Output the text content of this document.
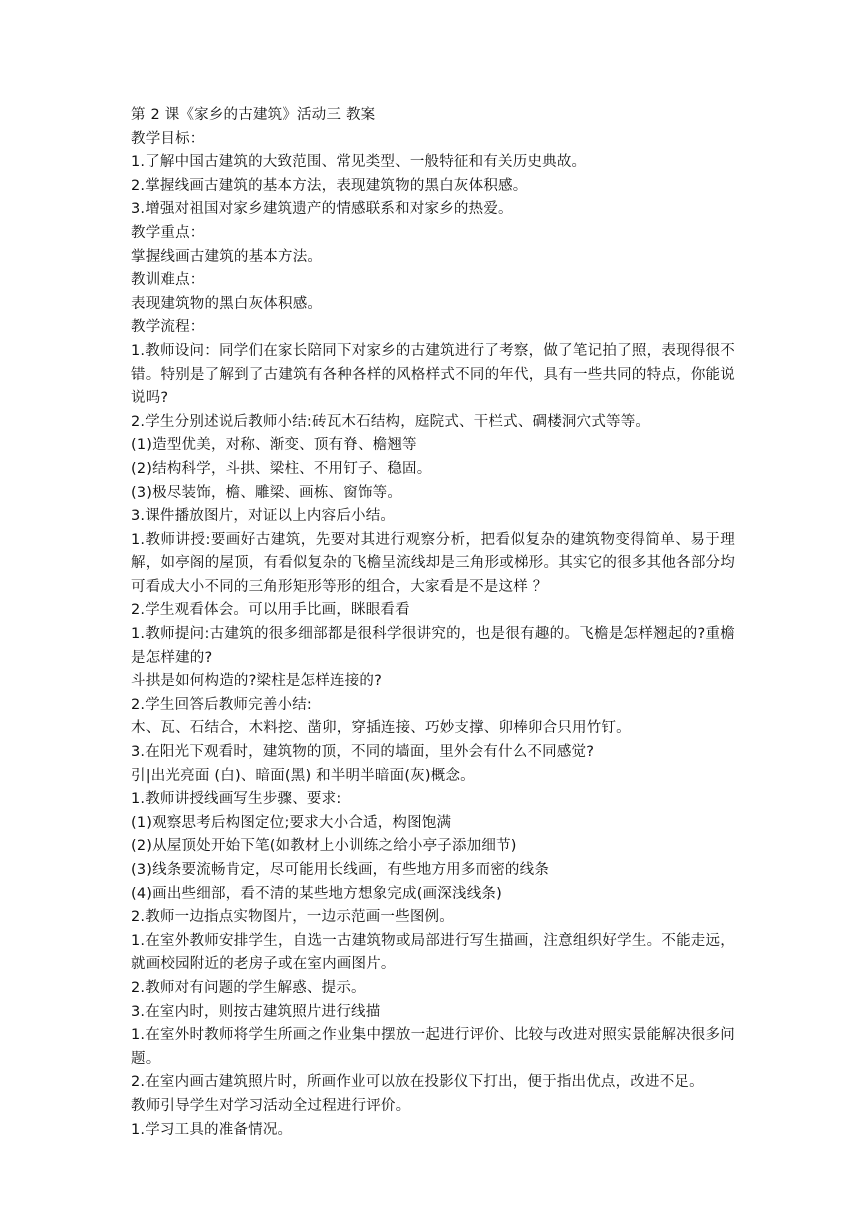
第 2 课《家乡的古建筑》活动三 教案

教学目标：

1.了解中国古建筑的大致范围、常见类型、一般特征和有关历史典故。

2.掌握线画古建筑的基本方法，表现建筑物的黑白灰体积感。

3.增强对祖国对家乡建筑遗产的情感联系和对家乡的热爱。

教学重点：

掌握线画古建筑的基本方法。

教训难点：

表现建筑物的黑白灰体积感。

教学流程：

1.教师设问：同学们在家长陪同下对家乡的古建筑进行了考察，做了笔记拍了照，表现得很不错。特别是了解到了古建筑有各种各样的风格样式不同的年代，具有一些共同的特点，你能说说吗?

2.学生分别述说后教师小结:砖瓦木石结构，庭院式、干栏式、碉楼洞穴式等等。

(1)造型优美，对称、渐变、顶有脊、檐翘等

(2)结构科学，斗拱、梁柱、不用钉子、稳固。

(3)极尽装饰，檐、雕梁、画栋、窗饰等。

3.课件播放图片，对证以上内容后小结。

1.教师讲授:要画好古建筑，先要对其进行观察分析，把看似复杂的建筑物变得简单、易于理解，如亭阁的屋顶，有看似复杂的飞檐呈流线却是三角形或梯形。其实它的很多其他各部分均可看成大小不同的三角形矩形等形的组合，大家看是不是这样 ？

2.学生观看体会。可以用手比画，眯眼看看

1.教师提问:古建筑的很多细部都是很科学很讲究的，也是很有趣的。飞檐是怎样翘起的?重檐是怎样建的?

斗拱是如何构造的?梁柱是怎样连接的?

2.学生回答后教师完善小结:

木、瓦、石结合，木料挖、凿卯，穿插连接、巧妙支撑、卯棒卯合只用竹钉。

3.在阳光下观看时，建筑物的顶，不同的墙面，里外会有什么不同感觉?

引|出光亮面 (白)、暗面(黑) 和半明半暗面(灰)概念。

1.教师讲授线画写生步骤、要求:

(1)观察思考后构图定位;要求大小合适，构图饱满

(2)从屋顶处开始下笔(如教材上小训练之给小亭子添加细节)

(3)线条要流畅肯定，尽可能用长线画，有些地方用多而密的线条

(4)画出些细部，看不清的某些地方想象完成(画深浅线条)

2.教师一边指点实物图片，一边示范画一些图例。

1.在室外教师安排学生，自选一古建筑物或局部进行写生描画，注意组织好学生。不能走远，就画校园附近的老房子或在室内画图片。

2.教师对有问题的学生解惑、提示。

3.在室内时，则按古建筑照片进行线描

1.在室外时教师将学生所画之作业集中摆放一起进行评价、比较与改进对照实景能解决很多问题。

2.在室内画古建筑照片时，所画作业可以放在投影仪下打出，便于指出优点，改进不足。

教师引导学生对学习活动全过程进行评价。

1.学习工具的准备情况。
